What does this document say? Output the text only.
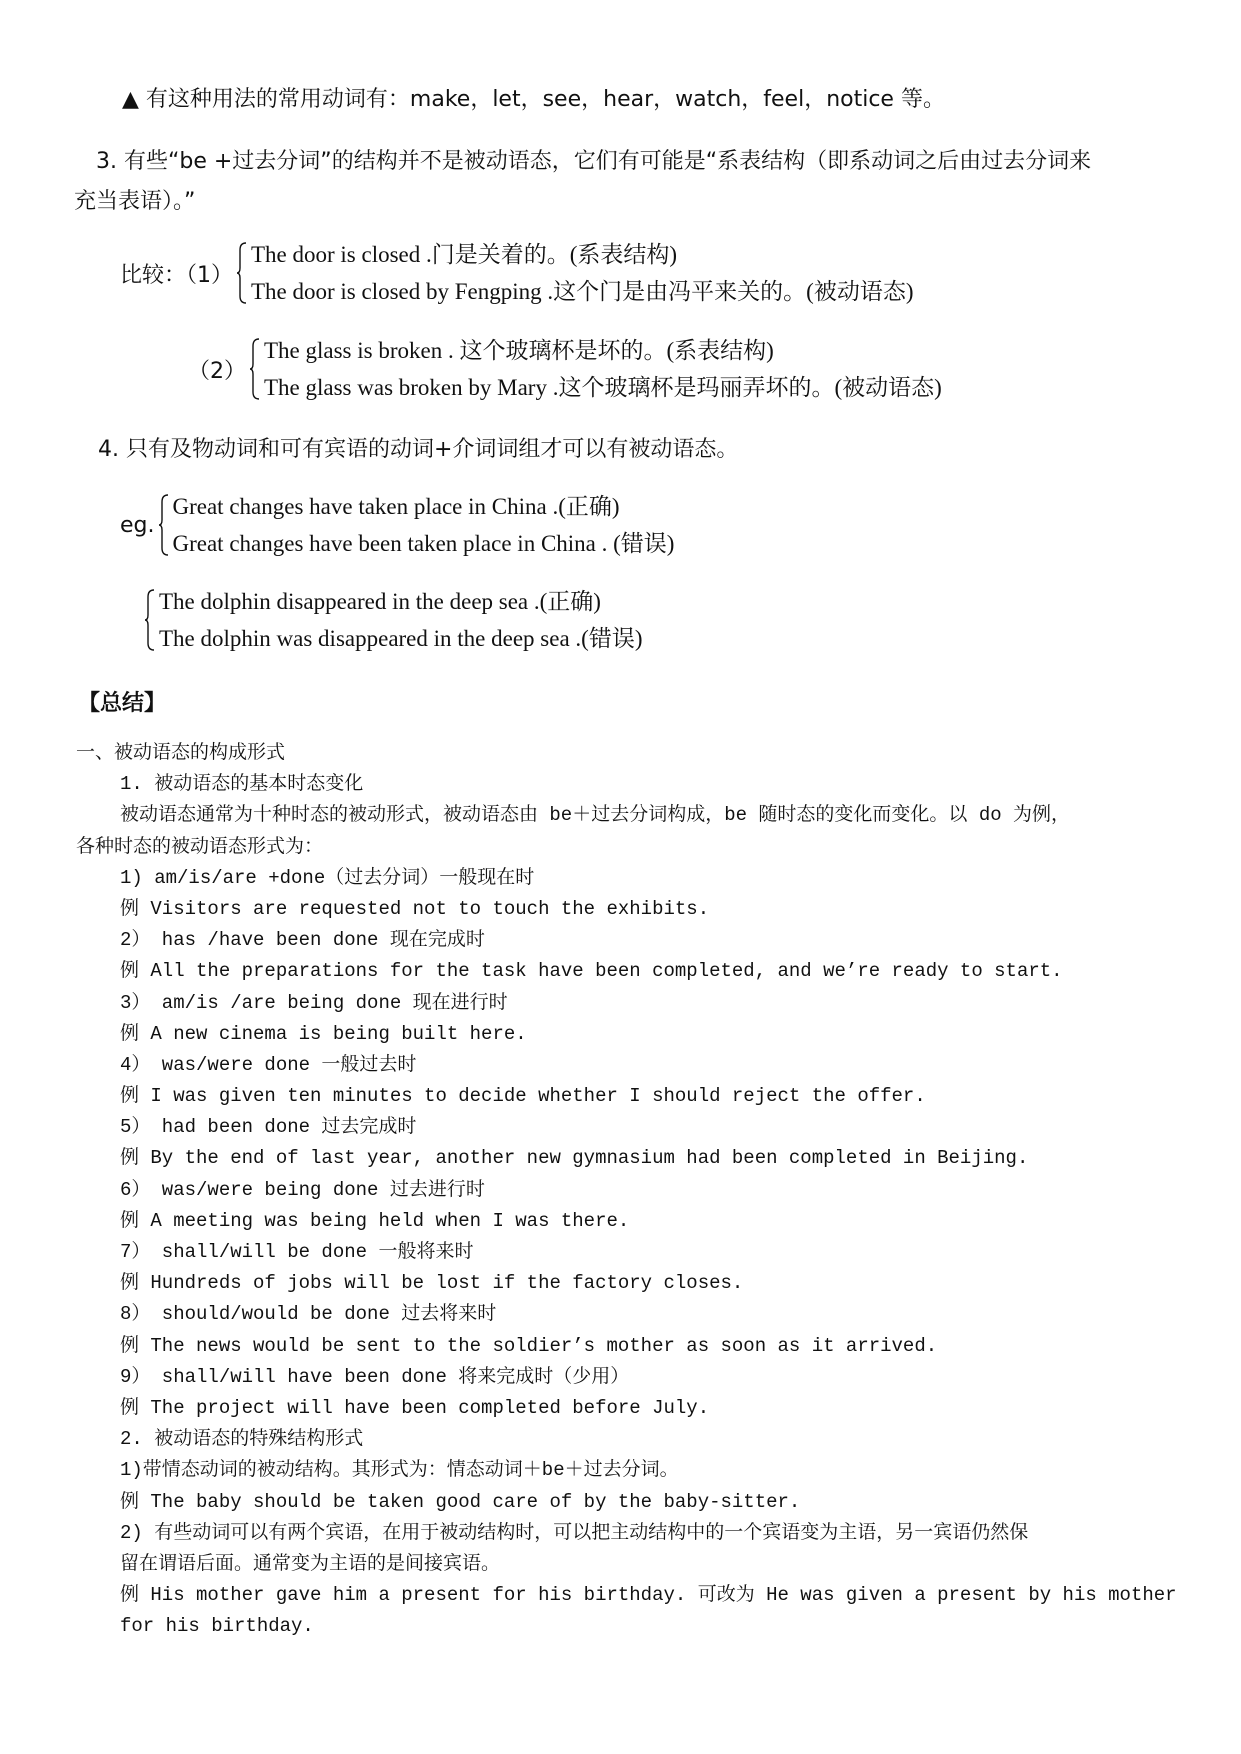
▲ 有这种用法的常用动词有：make，let，see，hear，watch，feel，notice 等。
3. 有些“be +过去分词”的结构并不是被动语态，它们有可能是“系表结构（即系动词之后由过去分词来
充当表语）。”
比较：（1）
The door is closed .门是关着的。(系表结构)
The door is closed by Fengping .这个门是由冯平来关的。(被动语态)
（2）
The glass is broken . 这个玻璃杯是坏的。(系表结构)
The glass was broken by Mary .这个玻璃杯是玛丽弄坏的。(被动语态)
4. 只有及物动词和可有宾语的动词+介词词组才可以有被动语态。
eg.
Great changes have taken place in China .(正确)
Great changes have been taken place in China . (错误)
The dolphin disappeared in the deep sea .(正确)
The dolphin was disappeared in the deep sea .(错误)
【总结】
一、被动语态的构成形式
1. 被动语态的基本时态变化
被动语态通常为十种时态的被动形式，被动语态由 be＋过去分词构成，be 随时态的变化而变化。以 do 为例，
各种时态的被动语态形式为：
1) am/is/are +done（过去分词）一般现在时
例 Visitors are requested not to touch the exhibits.
2） has /have been done 现在完成时
例 All the preparations for the task have been completed, and we’re ready to start.
3） am/is /are being done 现在进行时
例 A new cinema is being built here.
4） was/were done 一般过去时
例 I was given ten minutes to decide whether I should reject the offer.
5） had been done 过去完成时
例 By the end of last year, another new gymnasium had been completed in Beijing.
6） was/were being done 过去进行时
例 A meeting was being held when I was there.
7） shall/will be done 一般将来时
例 Hundreds of jobs will be lost if the factory closes.
8） should/would be done 过去将来时
例 The news would be sent to the soldier’s mother as soon as it arrived.
9） shall/will have been done 将来完成时（少用）
例 The project will have been completed before July.
2. 被动语态的特殊结构形式
1)带情态动词的被动结构。其形式为：情态动词＋be＋过去分词。
例 The baby should be taken good care of by the baby-sitter.
2) 有些动词可以有两个宾语，在用于被动结构时，可以把主动结构中的一个宾语变为主语，另一宾语仍然保
留在谓语后面。通常变为主语的是间接宾语。
例 His mother gave him a present for his birthday. 可改为 He was given a present by his mother
for his birthday.
